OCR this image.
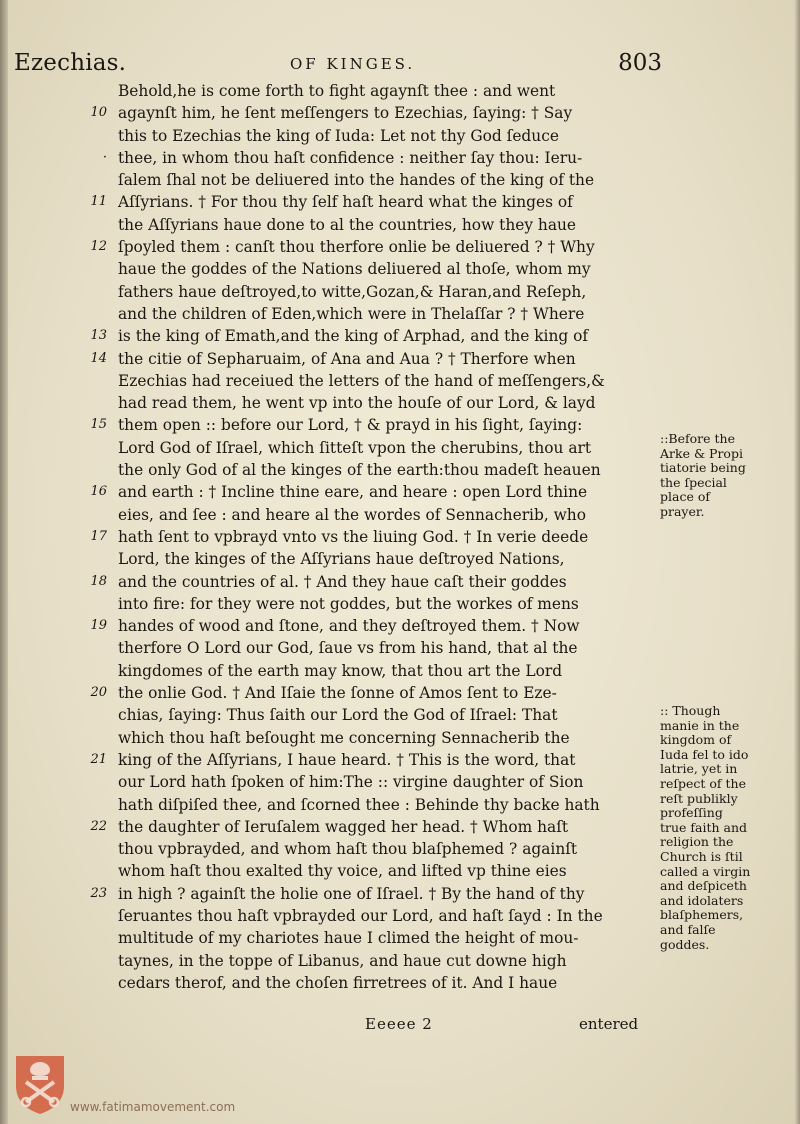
Ezechias.	OF KINGES.	803
Behold,he is come forth to fight agaynſt thee : and went
10 agaynſt him, he ſent meſſengers to Ezechias, ſaying: † Say
this to Ezechias the king of Iuda: Let not thy God ſeduce
· thee, in whom thou haſt confidence : neither ſay thou: Ieru-
ſalem ſhal not be deliuered into the handes of the king of the
11 Aſſyrians. † For thou thy ſelf haſt heard what the kinges of
the Aſſyrians haue done to al the countries, how they haue
12 ſpoyled them : canſt thou therfore onlie be deliuered ? † Why
haue the goddes of the Nations deliuered al thoſe, whom my
fathers haue deſtroyed,to witte,Gozan,& Haran,and Reſeph,
and the children of Eden,which were in Thelaſſar ? † Where
13 is the king of Emath,and the king of Arphad, and the king of
14 the citie of Sepharuaim, of Ana and Aua ? † Therfore when
Ezechias had receiued the letters of the hand of meſſengers,&
had read them, he went vp into the houſe of our Lord, & layd
15 them open :: before our Lord, † & prayd in his ſight, ſaying:
Lord God of Iſrael, which ſitteſt vpon the cherubins, thou art
the only God of al the kinges of the earth:thou madeſt heauen
16 and earth : † Incline thine eare, and heare : open Lord thine
eies, and ſee : and heare al the wordes of Sennacherib, who
17 hath ſent to vpbrayd vnto vs the liuing God. † In verie deede
Lord, the kinges of the Aſſyrians haue deſtroyed Nations,
18 and the countries of al. † And they haue caſt their goddes
into fire: for they were not goddes, but the workes of mens
19 handes of wood and ſtone, and they deſtroyed them. † Now
therfore O Lord our God, ſaue vs from his hand, that al the
kingdomes of the earth may know, that thou art the Lord
20 the onlie God. † And Iſaie the ſonne of Amos ſent to Eze-
chias, ſaying: Thus ſaith our Lord the God of Iſrael: That
which thou haſt beſought me concerning Sennacherib the
21 king of the Aſſyrians, I haue heard. † This is the word, that
our Lord hath ſpoken of him:The :: virgine daughter of Sion
hath diſpiſed thee, and ſcorned thee : Behinde thy backe hath
22 the daughter of Ieruſalem wagged her head. † Whom haſt
thou vpbrayded, and whom haſt thou blaſphemed ? againſt
whom haſt thou exalted thy voice, and lifted vp thine eies
23 in high ? againſt the holie one of Iſrael. † By the hand of thy
ſeruantes thou haſt vpbrayded our Lord, and haſt ſayd : In the
multitude of my chariotes haue I climed the height of mou-
taynes, in the toppe of Libanus, and haue cut downe high
cedars therof, and the choſen firretrees of it. And I haue
::Before the
Arke & Propi
tiatorie being
the ſpecial
place of
prayer.
:: Though
manie in the
kingdom of
Iuda fel to ido
latrie, yet in
reſpect of the
reſt publikly
profeſſing
true faith and
religion the
Church is ſtil
called a virgin
and deſpiceth
and idolaters
blaſphemers,
and falſe
goddes.
Eeeee 2	entered
www.fatimamovement.com
